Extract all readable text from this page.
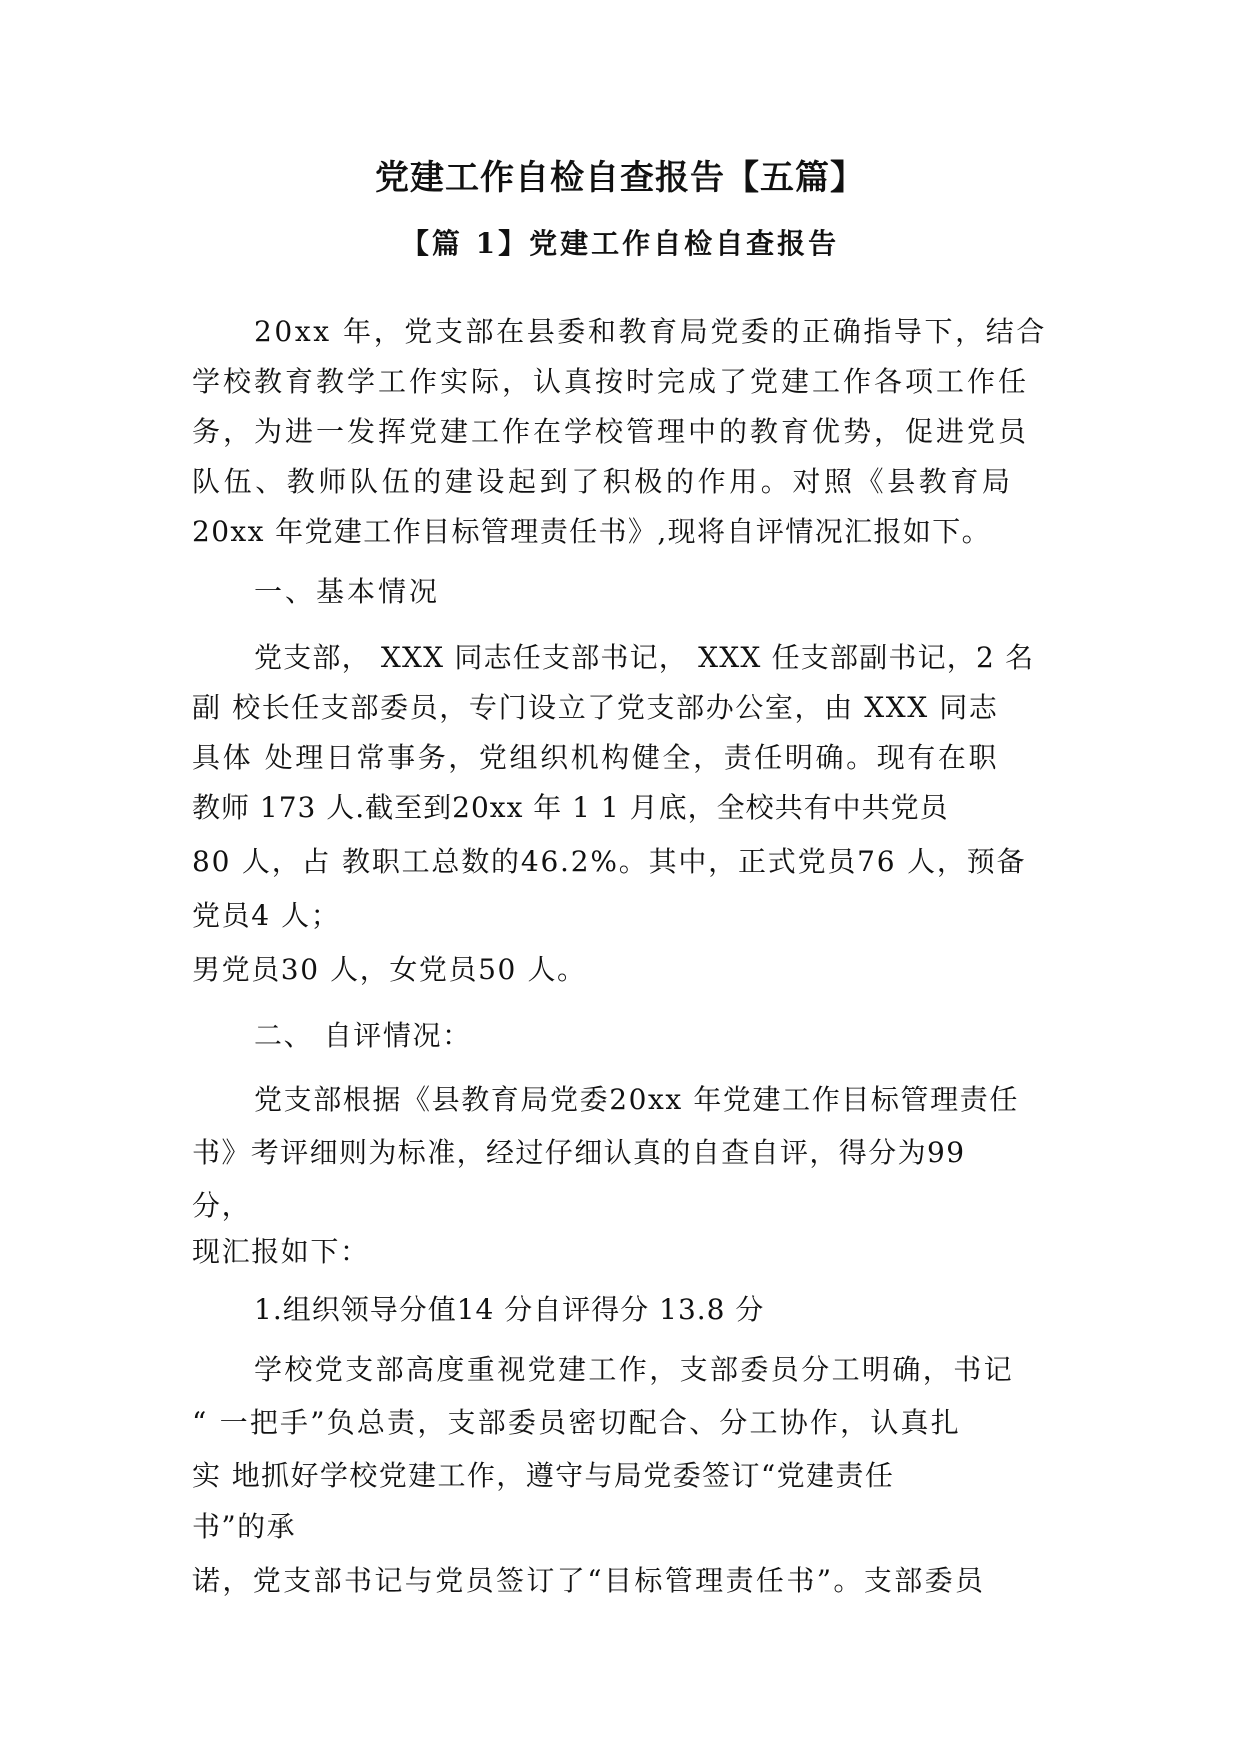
党建工作自检自查报告【五篇】
【篇 1】党建工作自检自查报告

20xx 年，党支部在县委和教育局党委的正确指导下，结合

学校教育教学工作实际，认真按时完成了党建工作各项工作任

务，为进一发挥党建工作在学校管理中的教育优势，促进党员

队伍、教师队伍的建设起到了积极的作用。对照《县教育局

20xx 年党建工作目标管理责任书》,现将自评情况汇报如下。

一、基本情况

党支部， XXX 同志任支部书记， XXX 任支部副书记，2 名

副 校长任支部委员，专门设立了党支部办公室，由 XXX 同志

具体 处理日常事务，党组织机构健全，责任明确。现有在职

教师 173 人.截至到20xx 年 1 1 月底，全校共有中共党员

80 人，占 教职工总数的46.2%。其中，正式党员76 人，预备

党员4 人；

男党员30 人，女党员50 人。

二、 自评情况：

党支部根据《县教育局党委20xx 年党建工作目标管理责任

书》考评细则为标准，经过仔细认真的自查自评，得分为99

分，

现汇报如下：

1.组织领导分值14 分自评得分 13.8 分

学校党支部高度重视党建工作，支部委员分工明确，书记

“ 一把手”负总责，支部委员密切配合、分工协作，认真扎

实 地抓好学校党建工作，遵守与局党委签订“党建责任

书”的承

诺，党支部书记与党员签订了“目标管理责任书”。支部委员
